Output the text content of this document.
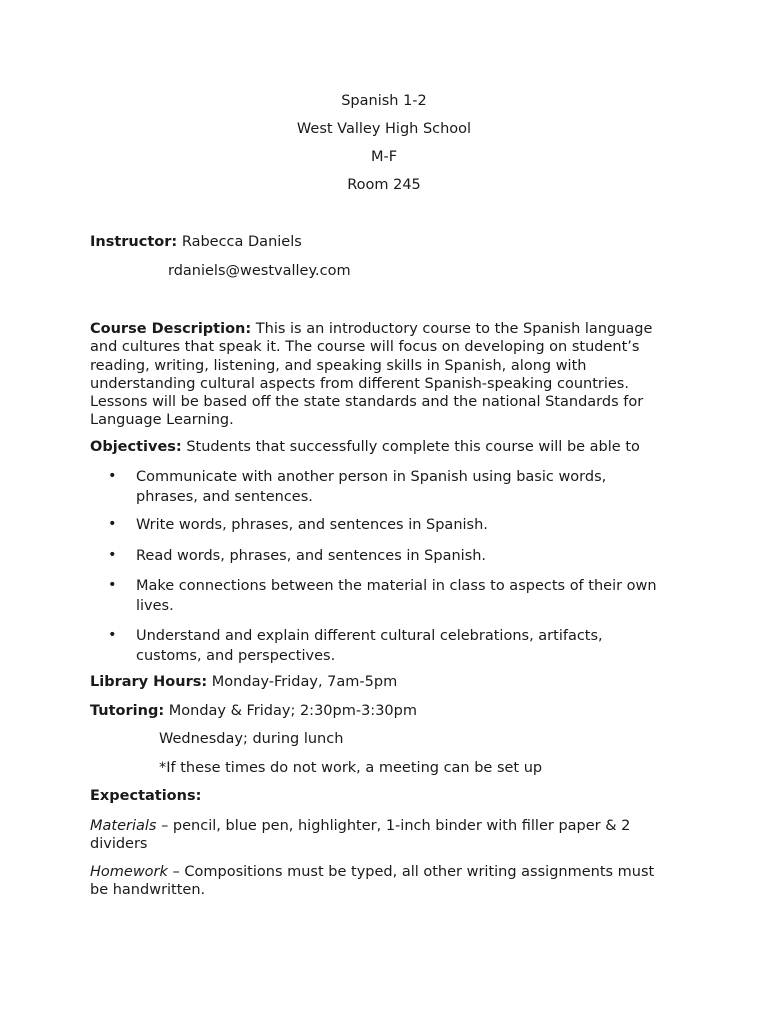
Spanish 1-2
West Valley High School
M-F
Room 245
Instructor: Rabecca Daniels
rdaniels@westvalley.com
Course Description: This is an introductory course to the Spanish language
and cultures that speak it. The course will focus on developing on student’s
reading, writing, listening, and speaking skills in Spanish, along with
understanding cultural aspects from different Spanish-speaking countries.
Lessons will be based off the state standards and the national Standards for
Language Learning.
Objectives: Students that successfully complete this course will be able to
• Communicate with another person in Spanish using basic words,
phrases, and sentences.
• Write words, phrases, and sentences in Spanish.
• Read words, phrases, and sentences in Spanish.
• Make connections between the material in class to aspects of their own
lives.
• Understand and explain different cultural celebrations, artifacts,
customs, and perspectives.
Library Hours: Monday-Friday, 7am-5pm
Tutoring: Monday & Friday; 2:30pm-3:30pm
Wednesday; during lunch
*If these times do not work, a meeting can be set up
Expectations:
Materials – pencil, blue pen, highlighter, 1-inch binder with filler paper & 2
dividers
Homework – Compositions must be typed, all other writing assignments must
be handwritten.
